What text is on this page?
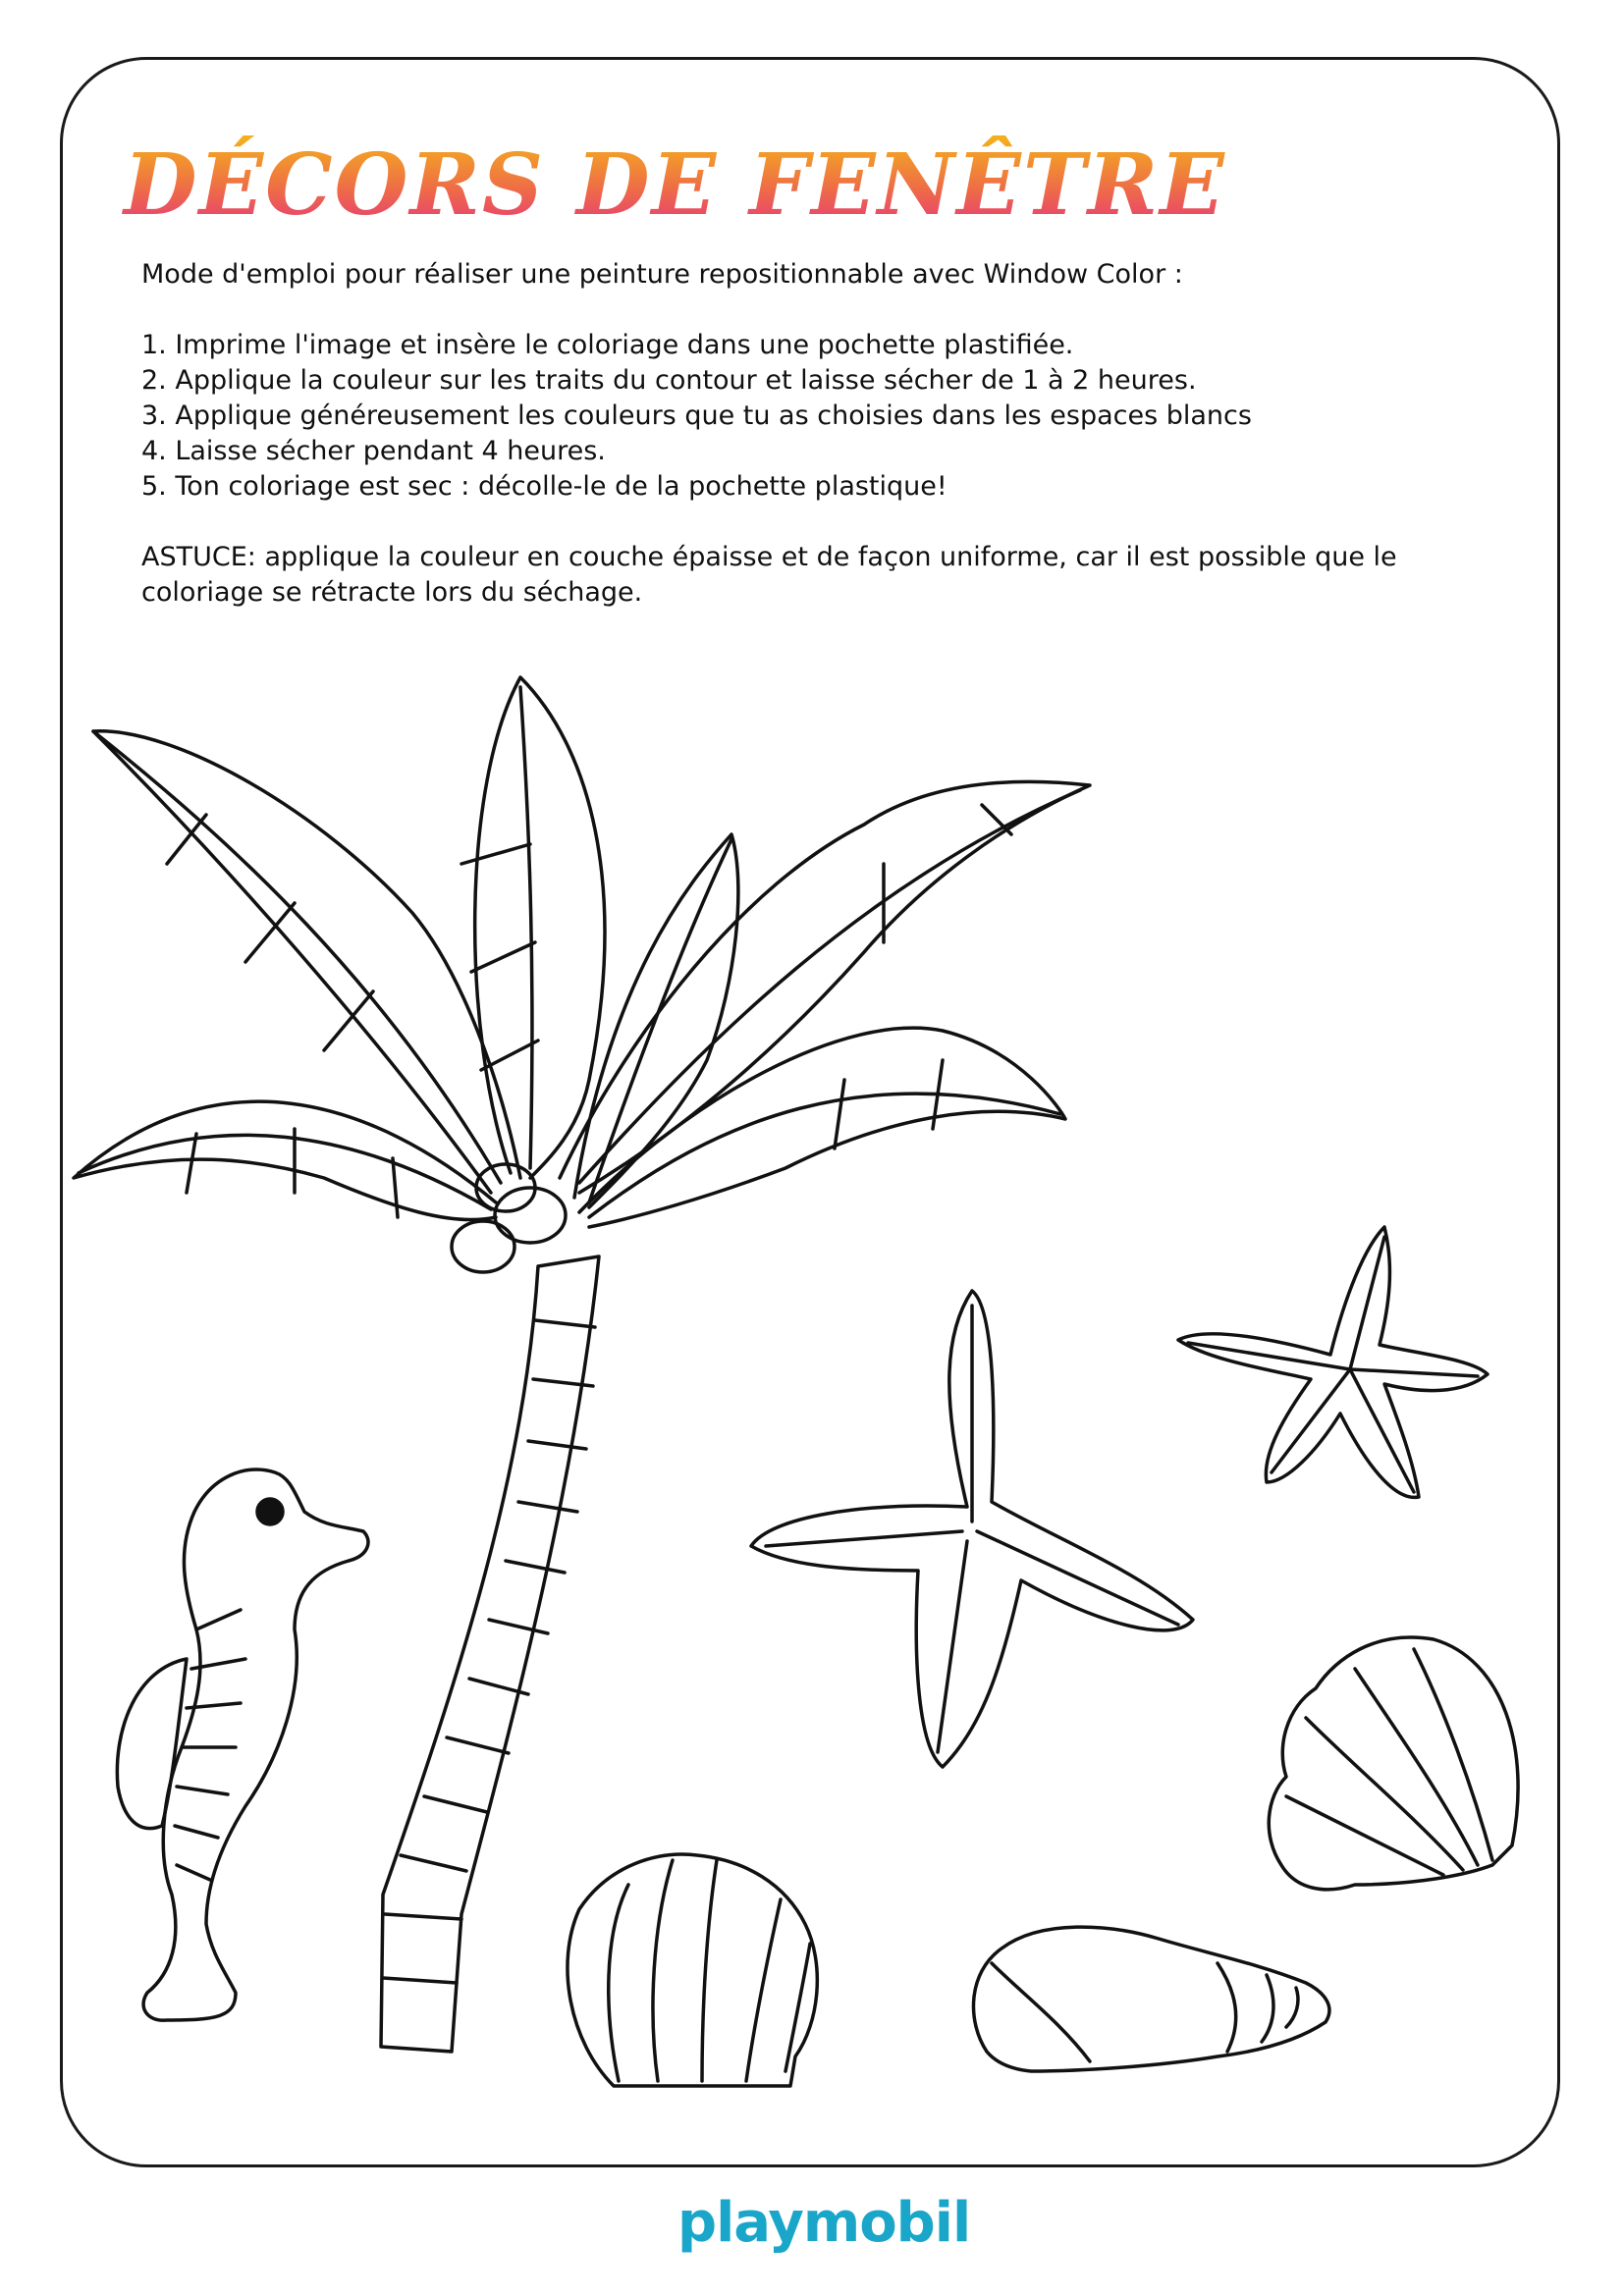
DÉCORS DE FENÊTRE

Mode d'emploi pour réaliser une peinture repositionnable avec Window Color :

1. Imprime l'image et insère le coloriage dans une pochette plastifiée.

2. Applique la couleur sur les traits du contour et laisse sécher de 1 à 2 heures.

3. Applique généreusement les couleurs que tu as choisies dans les espaces blancs

4. Laisse sécher pendant 4 heures.

5. Ton coloriage est sec : décolle-le de la pochette plastique!

ASTUCE: applique la couleur en couche épaisse et de façon uniforme, car il est possible que le

coloriage se rétracte lors du séchage.

playmobil
